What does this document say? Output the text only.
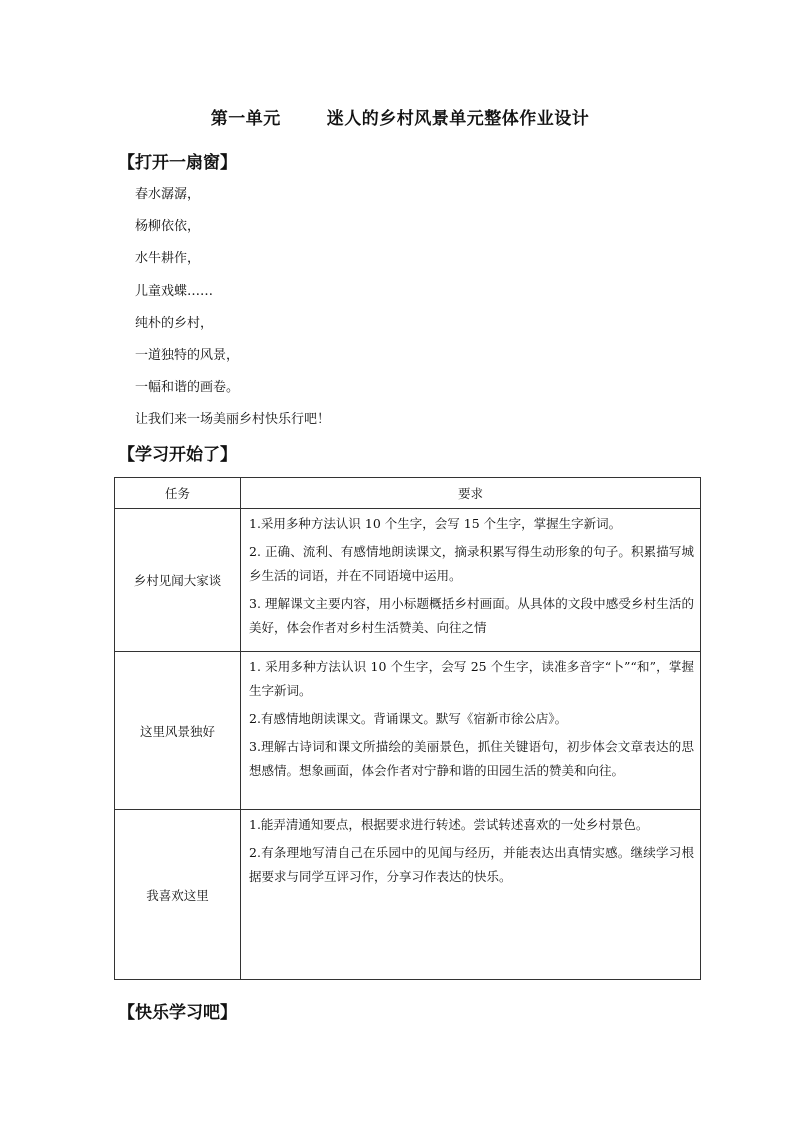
第一单元	迷人的乡村风景单元整体作业设计
【打开一扇窗】
春水潺潺，
杨柳依依，
水牛耕作，
儿童戏蝶……
纯朴的乡村，
一道独特的风景，
一幅和谐的画卷。
让我们来一场美丽乡村快乐行吧！
【学习开始了】
任务	要求
乡村见闻大家谈	1.采用多种方法认识 10 个生字，会写 15 个生字，掌握生字新词。

2. 正确、流利、有感情地朗读课文，摘录积累写得生动形象的句子。积累描写城乡生活的词语，并在不同语境中运用。

3. 理解课文主要内容，用小标题概括乡村画面。从具体的文段中感受乡村生活的美好，体会作者对乡村生活赞美、向往之情

这里风景独好	1. 采用多种方法认识 10 个生字，会写 25 个生字，读准多音字“卜”“和”，掌握生字新词。

2.有感情地朗读课文。背诵课文。默写《宿新市徐公店》。

3.理解古诗词和课文所描绘的美丽景色，抓住关键语句，初步体会文章表达的思想感情。想象画面，体会作者对宁静和谐的田园生活的赞美和向往。

我喜欢这里	1.能弄清通知要点，根据要求进行转述。尝试转述喜欢的一处乡村景色。

2.有条理地写清自己在乐园中的见闻与经历，并能表达出真情实感。继续学习根据要求与同学互评习作，分享习作表达的快乐。

【快乐学习吧】
